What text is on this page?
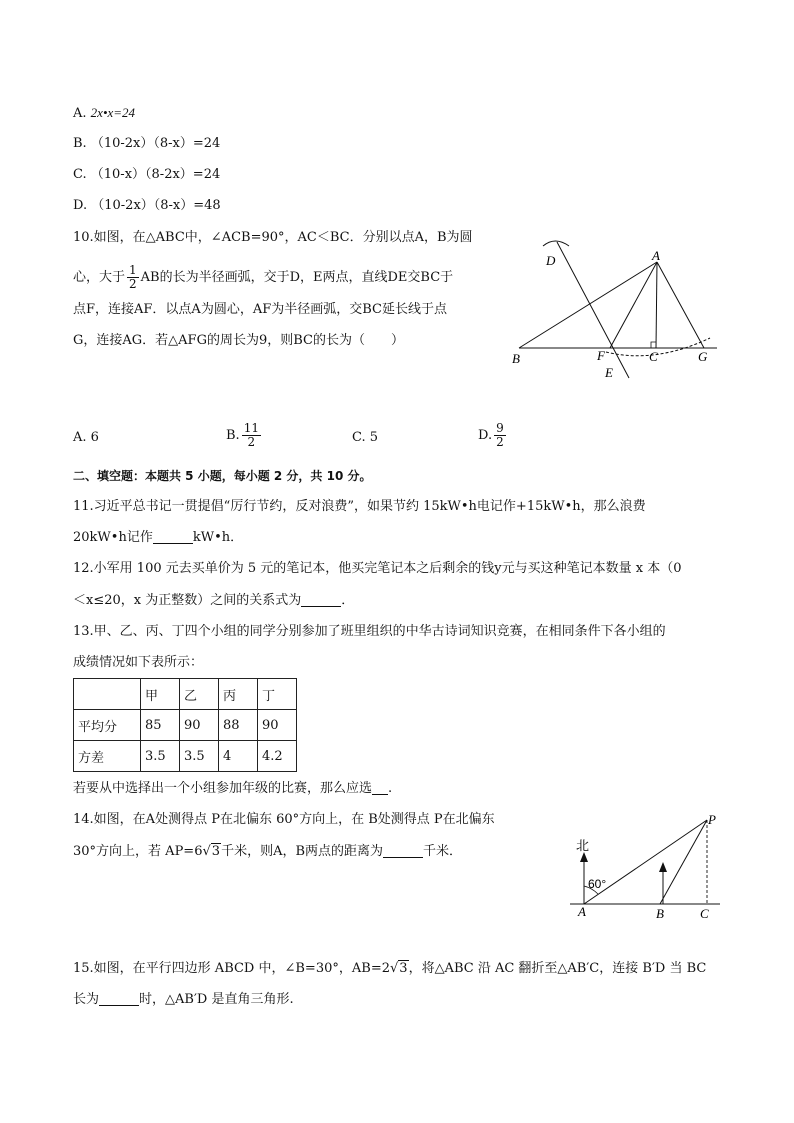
A. 2x•x=24
B. （10-2x）（8-x）=24
C. （10-x）（8-2x）=24
D. （10-2x）（8-x）=48
10.如图，在△ABC中，∠ACB=90°，AC＜BC．分别以点A，B为圆
心，大于 $\frac{1}{2}$ AB的长为半径画弧，交于D，E两点，直线DE交BC于
点F，连接AF．以点A为圆心，AF为半径画弧，交BC延长线于点
G，连接AG．若△AFG的周长为9，则BC的长为（　　）
D	A
B	F	C	G
E
A. 6	B. $\frac{11}{2}$	C. 5	D. $\frac{9}{2}$
二、填空题：本题共 5 小题，每小题 2 分，共 10 分。
11.习近平总书记一贯提倡“厉行节约，反对浪费”，如果节约 15kW•h电记作+15kW•h，那么浪费
20kW•h记作	kW•h．
12.小军用 100 元去买单价为 5 元的笔记本，他买完笔记本之后剩余的钱y元与买这种笔记本数量 x 本（0
＜x≤20，x 为正整数）之间的关系式为	．
13.甲、乙、丙、丁四个小组的同学分别参加了班里组织的中华古诗词知识竞赛，在相同条件下各小组的
成绩情况如下表所示：
	甲	乙	丙	丁
平均分	85	90	88	90
方差	3.5	3.5	4	4.2
若要从中选择出一个小组参加年级的比赛，那么应选 .
14.如图，在A处测得点 P在北偏东 60°方向上，在 B处测得点 P在北偏东
30°方向上，若 AP=6√3千米，则A，B两点的距离为	千米．	北
60°
A	B	C
P
15.如图，在平行四边形 ABCD 中，∠B=30°，AB=2√3，将△ABC 沿 AC 翻折至△AB′C，连接 B′D 当 BC
长为	时，△AB′D 是直角三角形.
